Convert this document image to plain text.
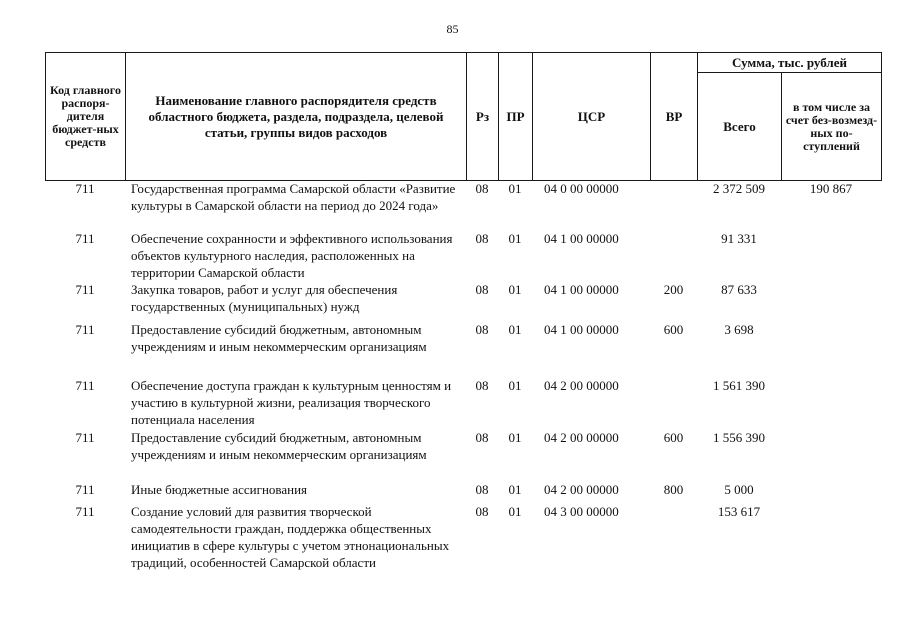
85
Код главного распоря-дителя бюджет-ных средств	Наименование главного распорядителя средств областного бюджета, раздела, подраздела, целевой статьи, группы видов расходов	Рз	ПР	ЦСР	ВР	Сумма, тыс. рублей	
						Всего	в том числе за счет без-возмезд-ных по-ступлений
711	Государственная программа Самарской области «Развитие культуры в Самарской области на период до 2024 года»	08	01	04 0 00 00000		2 372 509	190 867
711	Обеспечение сохранности и эффективного использования объектов культурного наследия, расположенных на территории Самарской области	08	01	04 1 00 00000		91 331	
711	Закупка товаров, работ и услуг для обеспечения государственных (муниципальных) нужд	08	01	04 1 00 00000	200	87 633	
711	Предоставление субсидий бюджетным, автономным учреждениям и иным некоммерческим организациям	08	01	04 1 00 00000	600	3 698	
711	Обеспечение доступа граждан к культурным ценностям и участию в культурной жизни, реализация творческого потенциала населения	08	01	04 2 00 00000		1 561 390	
711	Предоставление субсидий бюджетным, автономным учреждениям и иным некоммерческим организациям	08	01	04 2 00 00000	600	1 556 390	
711	Иные бюджетные ассигнования	08	01	04 2 00 00000	800	5 000	
711	Создание условий для развития творческой самодеятельности граждан, поддержка общественных инициатив в сфере культуры с учетом этнонациональных традиций, особенностей Самарской области	08	01	04 3 00 00000		153 617	
